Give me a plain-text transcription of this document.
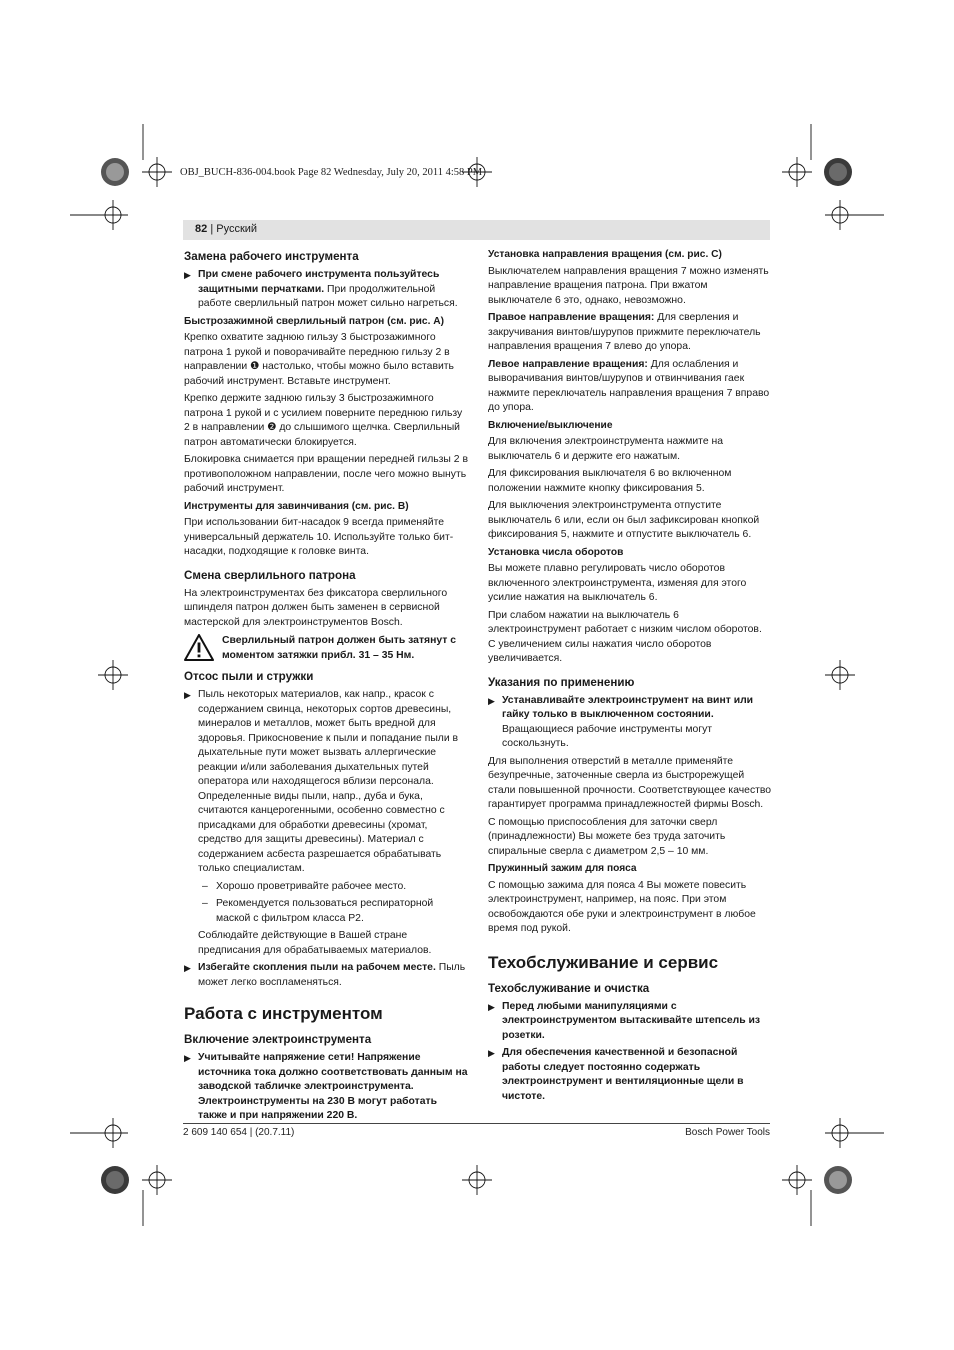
OBJ_BUCH-836-004.book Page 82 Wednesday, July 20, 2011 4:58 PM
82 | Русский
Замена рабочего инструмента

▶ При смене рабочего инструмента пользуйтесь защитными перчатками. При продолжительной работе сверлильный патрон может сильно нагреться.

Быстрозажимной сверлильный патрон (см. рис. А)

Крепко охватите заднюю гильзу 3 быстрозажимного патрона 1 рукой и поворачивайте переднюю гильзу 2 в направлении ❶ настолько, чтобы можно было вставить рабочий инструмент. Вставьте инструмент.

Крепко держите заднюю гильзу 3 быстрозажимного патрона 1 рукой и с усилием поверните переднюю гильзу 2 в направлении ❷ до слышимого щелчка. Сверлильный патрон автоматически блокируется.

Блокировка снимается при вращении передней гильзы 2 в противоположном направлении, после чего можно вынуть рабочий инструмент.

Инструменты для завинчивания (см. рис. В)

При использовании бит-насадок 9 всегда применяйте универсальный держатель 10. Используйте только бит-насадки, подходящие к головке винта.

Смена сверлильного патрона

На электроинструментах без фиксатора сверлильного шпинделя патрон должен быть заменен в сервисной мастерской для электроинструментов Bosch.

Сверлильный патрон должен быть затянут с моментом затяжки прибл. 31 – 35 Нм.

Отсос пыли и стружки

▶ Пыль некоторых материалов, как напр., красок с содержанием свинца, некоторых сортов древесины, минералов и металлов, может быть вредной для здоровья. Прикосновение к пыли и попадание пыли в дыхательные пути может вызвать аллергические реакции и/или заболевания дыхательных путей оператора или находящегося вблизи персонала. Определенные виды пыли, напр., дуба и бука, считаются канцерогенными, особенно совместно с присадками для обработки древесины (хромат, средство для защиты древесины). Материал с содержанием асбеста разрешается обрабатывать только специалистам.

– Хорошо проветривайте рабочее место.

– Рекомендуется пользоваться респираторной маской с фильтром класса Р2.

Соблюдайте действующие в Вашей стране предписания для обрабатываемых материалов.

▶ Избегайте скопления пыли на рабочем месте. Пыль может легко воспламеняться.

Работа с инструментом
Включение электроинструмента

▶ Учитывайте напряжение сети! Напряжение источника тока должно соответствовать данным на заводской табличке электроинструмента. Электроинструменты на 230 В могут работать также и при напряжении 220 В.

Установка направления вращения (см. рис. С)

Выключателем направления вращения 7 можно изменять направление вращения патрона. При вжатом выключателе 6 это, однако, невозможно.

Правое направление вращения: Для сверления и закручивания винтов/шурупов прижмите переключатель направления вращения 7 влево до упора.

Левое направление вращения: Для ослабления и выворачивания винтов/шурупов и отвинчивания гаек нажмите переключатель направления вращения 7 вправо до упора.

Включение/выключение

Для включения электроинструмента нажмите на выключатель 6 и держите его нажатым.

Для фиксирования выключателя 6 во включенном положении нажмите кнопку фиксирования 5.

Для выключения электроинструмента отпустите выключатель 6 или, если он был зафиксирован кнопкой фиксирования 5, нажмите и отпустите выключатель 6.

Установка числа оборотов

Вы можете плавно регулировать число оборотов включенного электроинструмента, изменяя для этого усилие нажатия на выключатель 6.

При слабом нажатии на выключатель 6 электроинструмент работает с низким числом оборотов. С увеличением силы нажатия число оборотов увеличивается.

Указания по применению

▶ Устанавливайте электроинструмент на винт или гайку только в выключенном состоянии.
Вращающиеся рабочие инструменты могут соскользнуть.

Для выполнения отверстий в металле применяйте безупречные, заточенные сверла из быстрорежущей стали повышенной прочности. Соответствующее качество гарантирует программа принадлежностей фирмы Bosch.

С помощью приспособления для заточки сверл (принадлежности) Вы можете без труда заточить спиральные сверла с диаметром 2,5 – 10 мм.

Пружинный зажим для пояса

С помощью зажима для пояса 4 Вы можете повесить электроинструмент, например, на пояс. При этом освобождаются обе руки и электроинструмент в любое время под рукой.

Техобслуживание и сервис
Техобслуживание и очистка

▶ Перед любыми манипуляциями с электроинструментом вытаскивайте штепсель из розетки.

▶ Для обеспечения качественной и безопасной работы следует постоянно содержать электроинструмент и вентиляционные щели в чистоте.

2 609 140 654 | (20.7.11)	Bosch Power Tools
